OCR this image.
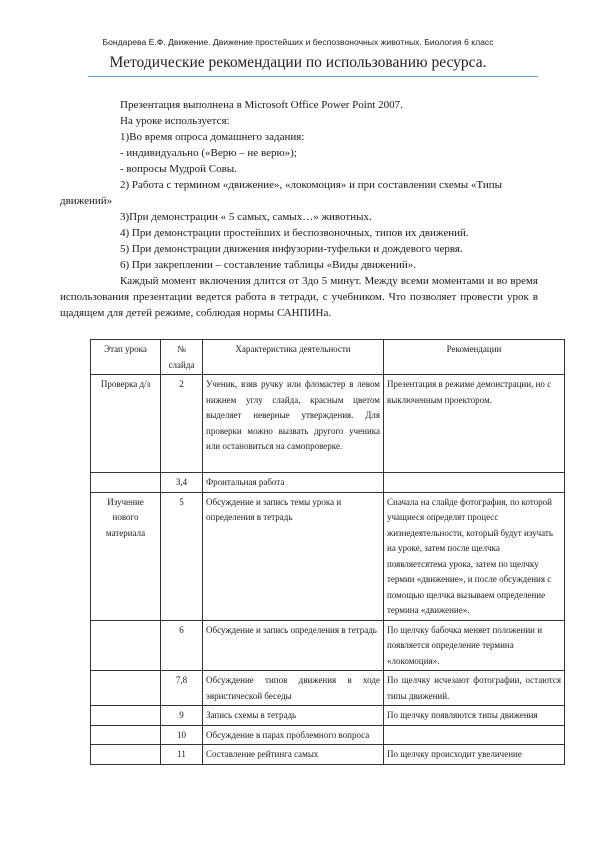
Бондарева Е.Ф. Движение. Движение простейших и беспозвоночных животных. Биология 6 класс
Методические рекомендации по использованию ресурса.

Презентация выполнена в Microsoft Office Power Point 2007.

На уроке используется:

1)Во время опроса домашнего задания:

- индивидуально («Верю – не верю»);

- вопросы Мудрой Совы.

2) Работа с термином «движение», «локомоция» и при составлении схемы «Типы движений»

3)При демонстрации « 5 самых, самых…» животных.

4) При демонстрации простейших и беспозвоночных, типов их движений.

5) При демонстрации движения инфузории-туфельки и дождевого червя.

6) При закреплении – составление таблицы «Виды движений».

Каждый момент включения длится от 3до 5 минут. Между всеми моментами и во время использования презентации ведется работа в тетради, с учебником. Что позволяет провести урок в щадящем для детей режиме, соблюдая нормы САНПИНа.

Этап урока	№ слайда	Характеристика деятельности	Рекомендации
Проверка д/з	2	Ученик, взяв ручку или фломастер в левом нижнем углу слайда, красным цветом выделяет неверные утверждения. Для проверки можно вызвать другого ученика или остановиться на самопроверке.	Презентация в режиме демонстрации, но с выключенным проектором.
	3,4	Фронтальная работа	
Изучение нового материала	5	Обсуждение и запись темы урока и определения в тетрадь	Сначала на слайде фотография, по которой учащиеся определят процесс жизнедеятельности, который будут изучать на уроке, затем после щелчка появляетсятема урока, затем по щелчку термин «движение», и после обсуждения с помощью щелчка вызываем определение термина «движение».
	6	Обсуждение и запись определения в тетрадь	По щелчку бабочка меняет положении и появляется определение термина «локомоция».
	7,8	Обсуждение типов движения в ходе эвристической беседы	По щелчку исчезают фотографии, остаются типы движений.
	9	Запись схемы в тетрадь	По щелчку появляются типы движения
	10	Обсуждение в парах проблемного вопроса	
	11	Составление рейтинга самых	По щелчку происходит увеличение
